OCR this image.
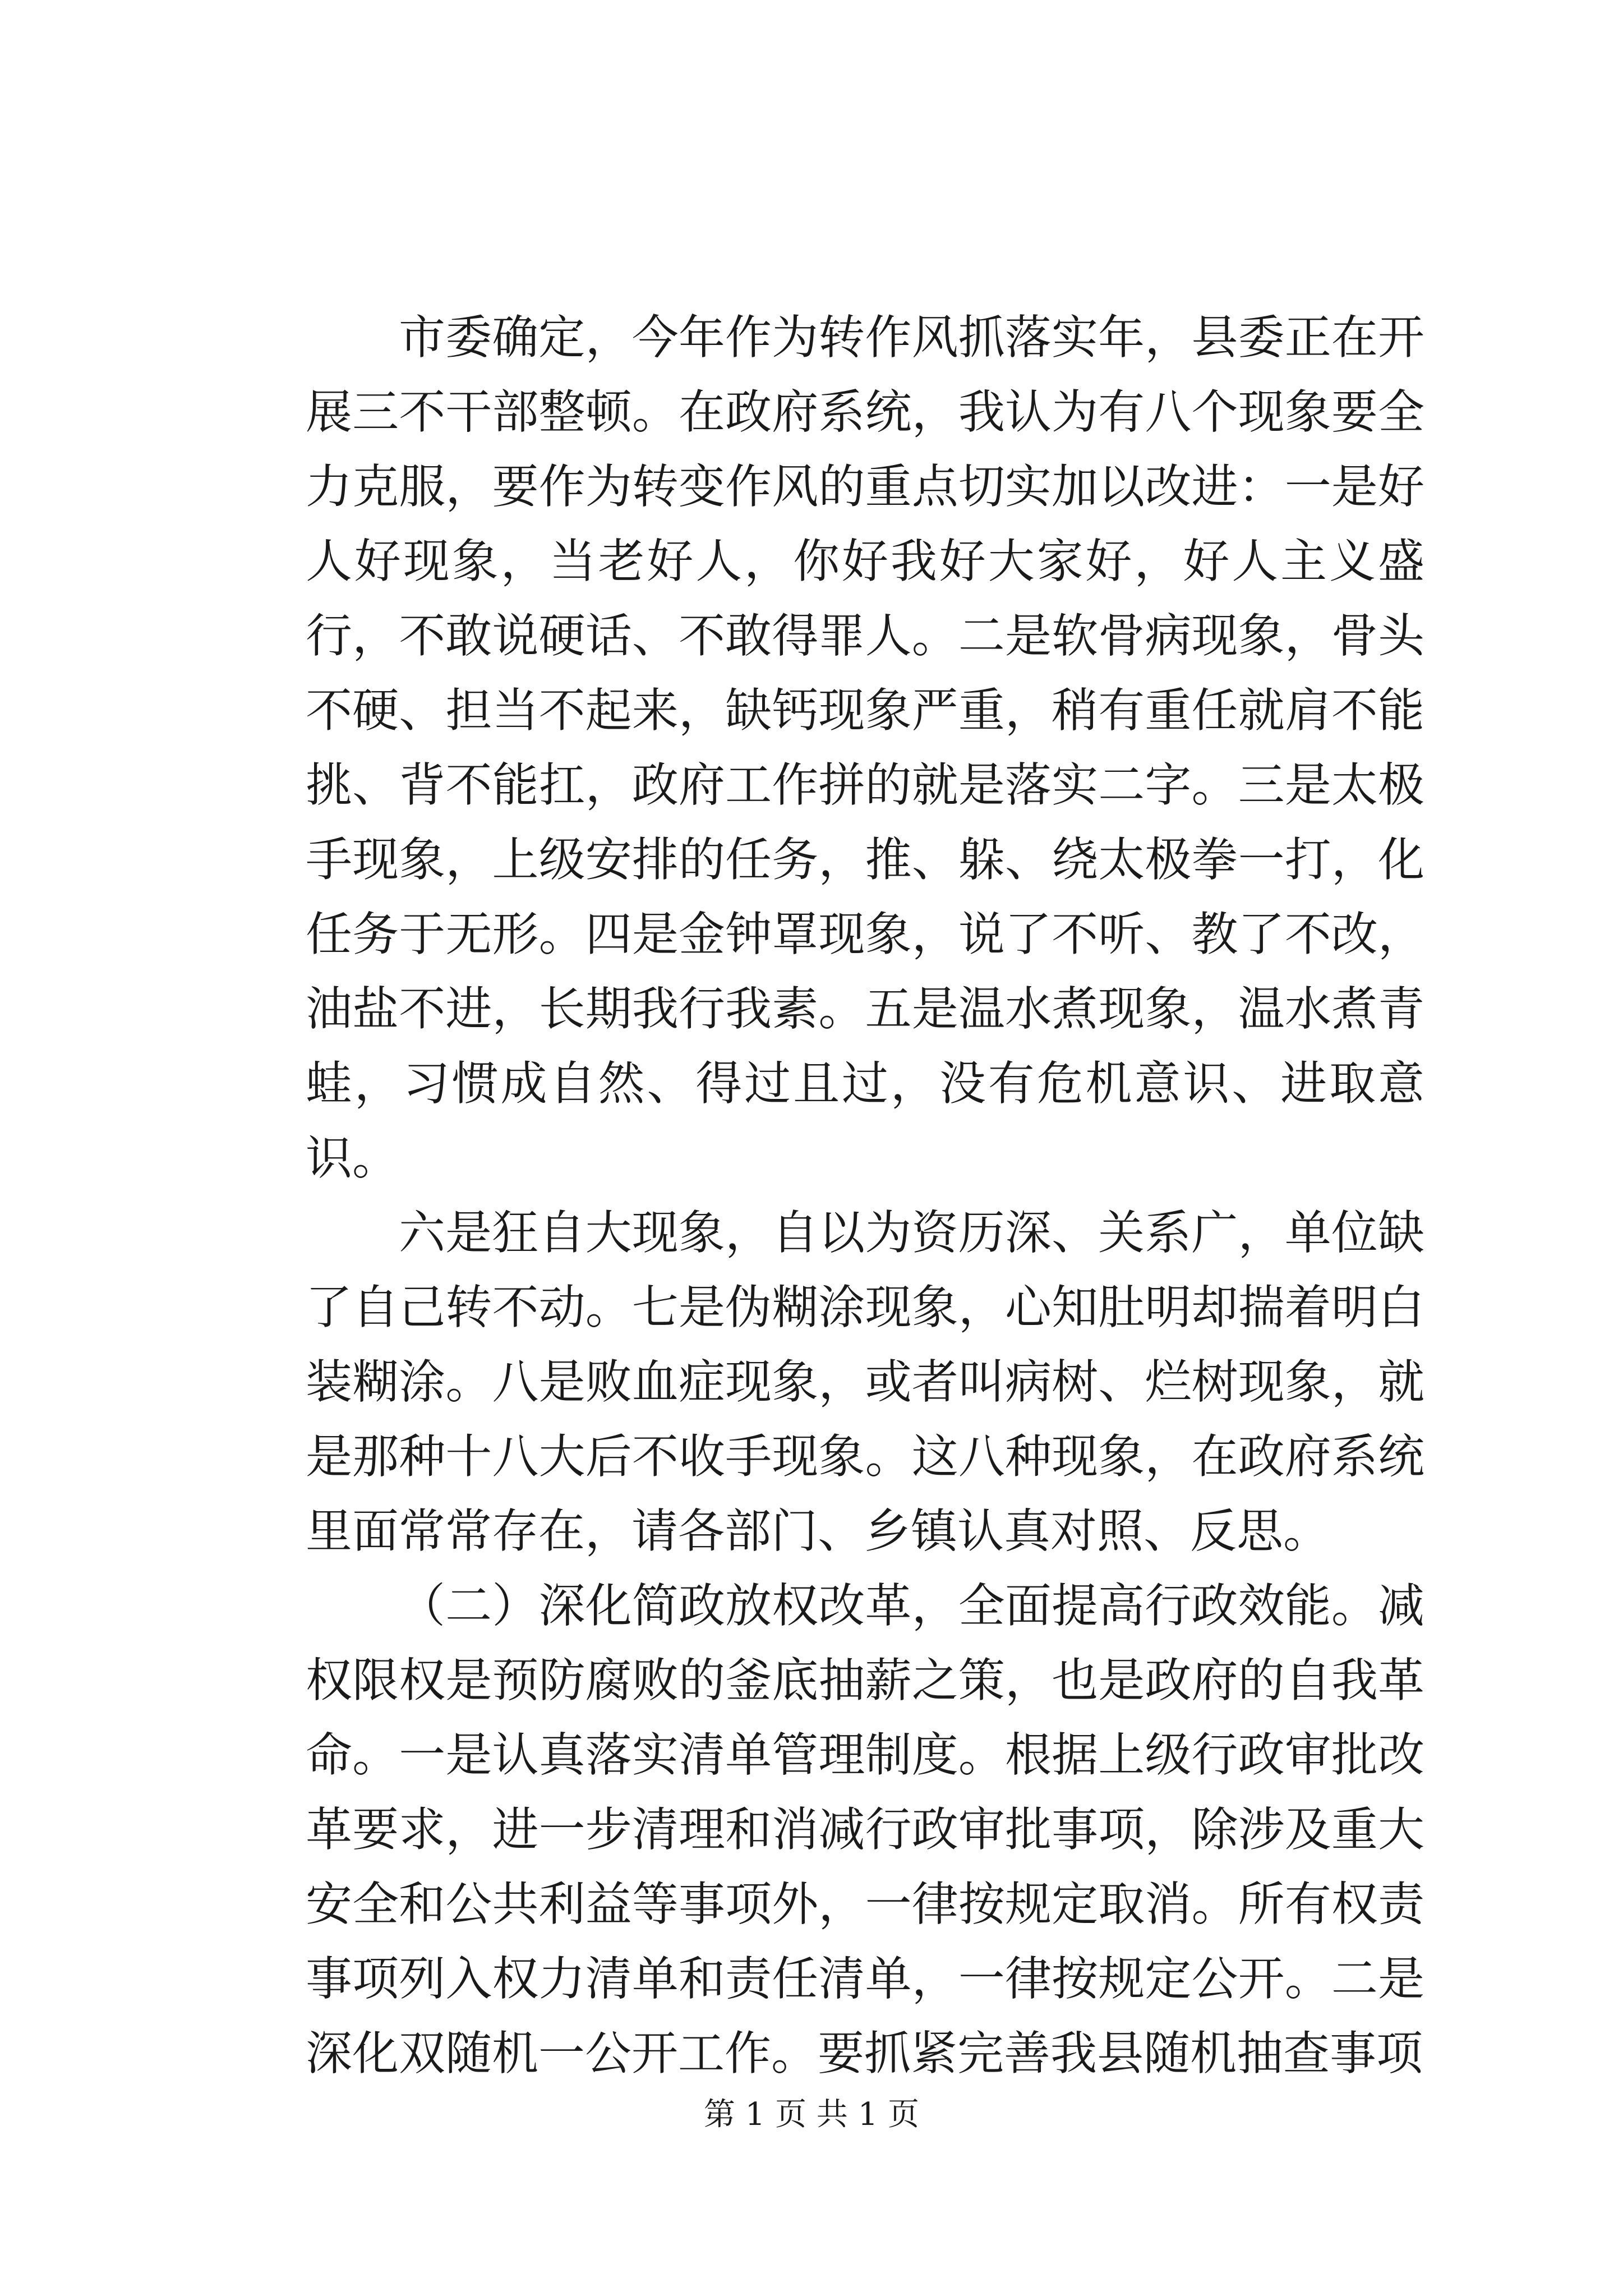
市委确定，今年作为转作风抓落实年，县委正在开展三不干部整顿。在政府系统，我认为有八个现象要全力克服，要作为转变作风的重点切实加以改进：一是好人好现象，当老好人，你好我好大家好，好人主义盛行，不敢说硬话、不敢得罪人。二是软骨病现象，骨头不硬、担当不起来，缺钙现象严重，稍有重任就肩不能挑、背不能扛，政府工作拼的就是落实二字。三是太极手现象，上级安排的任务，推、躲、绕太极拳一打，化任务于无形。四是金钟罩现象，说了不听、教了不改，油盐不进，长期我行我素。五是温水煮现象，温水煮青蛙，习惯成自然、得过且过，没有危机意识、进取意识。

六是狂自大现象，自以为资历深、关系广，单位缺了自己转不动。七是伪糊涂现象，心知肚明却揣着明白装糊涂。八是败血症现象，或者叫病树、烂树现象，就是那种十八大后不收手现象。这八种现象，在政府系统里面常常存在，请各部门、乡镇认真对照、反思。

（二）深化简政放权改革，全面提高行政效能。减权限权是预防腐败的釜底抽薪之策，也是政府的自我革命。一是认真落实清单管理制度。根据上级行政审批改革要求，进一步清理和消减行政审批事项，除涉及重大安全和公共利益等事项外，一律按规定取消。所有权责事项列入权力清单和责任清单，一律按规定公开。二是深化双随机一公开工作。要抓紧完善我县随机抽查事项

第 1 页 共 1 页
